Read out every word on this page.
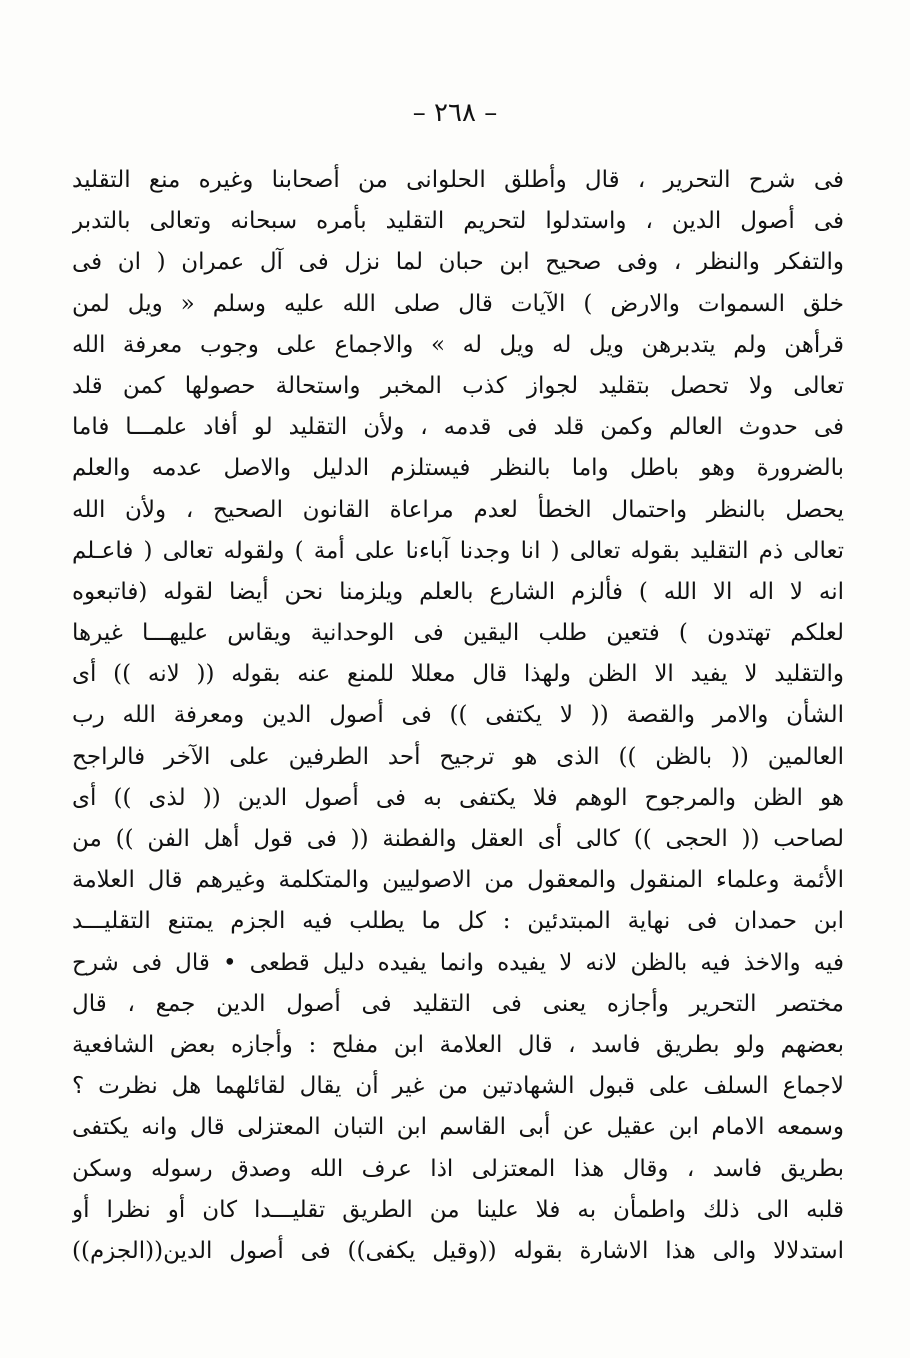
– ٢٦٨ –
فى شرح التحرير ، قال وأطلق الحلوانى من أصحابنا وغيره منع التقليد
فى أصول الدين ، واستدلوا لتحريم التقليد بأمره سبحانه وتعالى بالتدبر
والتفكر والنظر ، وفى صحيح ابن حبان لما نزل فى آل عمران ( ان فى
خلق السموات والارض ) الآيات قال صلى الله عليه وسلم « ويل لمن
قرأهن ولم يتدبرهن ويل له ويل له » والاجماع على وجوب معرفة الله
تعالى ولا تحصل بتقليد لجواز كذب المخبر واستحالة حصولها كمن قلد
فى حدوث العالم وكمن قلد فى قدمه ، ولأن التقليد لو أفاد علمـــا فاما
بالضرورة وهو باطل واما بالنظر فيستلزم الدليل والاصل عدمه والعلم
يحصل بالنظر واحتمال الخطأ لعدم مراعاة القانون الصحيح ، ولأن الله
تعالى ذم التقليد بقوله تعالى ( انا وجدنا آباءنا على أمة ) ولقوله تعالى ( فاعـلم
انه لا اله الا الله ) فألزم الشارع بالعلم ويلزمنا نحن أيضا لقوله (فاتبعوه
لعلكم تهتدون ) فتعين طلب اليقين فى الوحدانية ويقاس عليهـــا غيرها
والتقليد لا يفيد الا الظن ولهذا قال معللا للمنع عنه بقوله (( لانه )) أى
الشأن والامر والقصة (( لا يكتفى )) فى أصول الدين ومعرفة الله رب
العالمين (( بالظن )) الذى هو ترجيح أحد الطرفين على الآخر فالراجح
هو الظن والمرجوح الوهم فلا يكتفى به فى أصول الدين (( لذى )) أى
لصاحب (( الحجى )) كالى أى العقل والفطنة (( فى قول أهل الفن )) من
الأئمة وعلماء المنقول والمعقول من الاصوليين والمتكلمة وغيرهم قال العلامة
ابن حمدان فى نهاية المبتدئين : كل ما يطلب فيه الجزم يمتنع التقليـــد
فيه والاخذ فيه بالظن لانه لا يفيده وانما يفيده دليل قطعى • قال فى شرح
مختصر التحرير وأجازه يعنى فى التقليد فى أصول الدين جمع ، قال
بعضهم ولو بطريق فاسد ، قال العلامة ابن مفلح : وأجازه بعض الشافعية
لاجماع السلف على قبول الشهادتين من غير أن يقال لقائلهما هل نظرت ؟
وسمعه الامام ابن عقيل عن أبى القاسم ابن التبان المعتزلى قال وانه يكتفى
بطريق فاسد ، وقال هذا المعتزلى اذا عرف الله وصدق رسوله وسكن
قلبه الى ذلك واطمأن به فلا علينا من الطريق تقليـــدا كان أو نظرا أو
استدلالا والى هذا الاشارة بقوله ((وقيل يكفى)) فى أصول الدين((الجزم))
